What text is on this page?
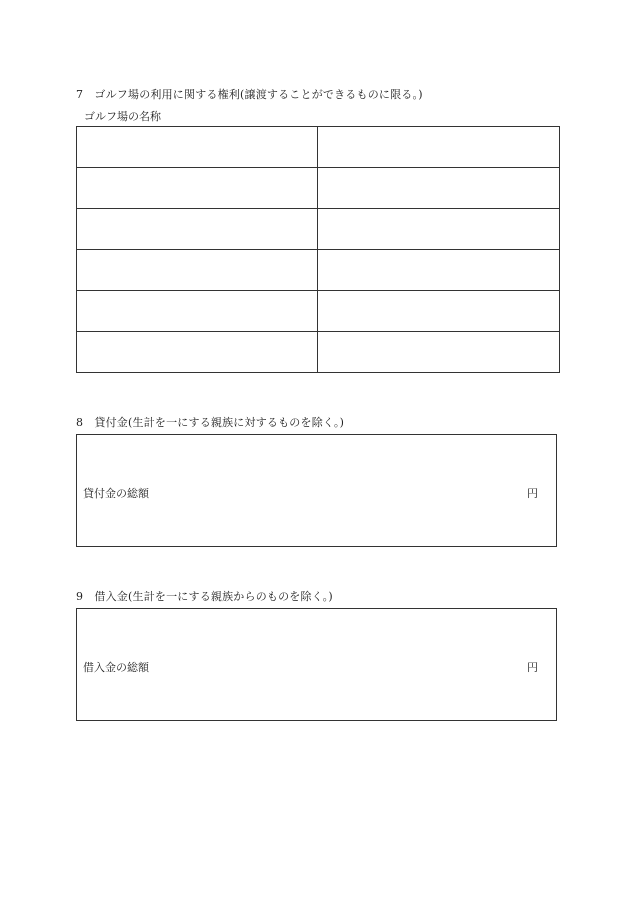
7　ゴルフ場の利用に関する権利(譲渡することができるものに限る。)
ゴルフ場の名称

8　貸付金(生計を一にする親族に対するものを除く。)
貸付金の総額	円
9　借入金(生計を一にする親族からのものを除く。)
借入金の総額	円
